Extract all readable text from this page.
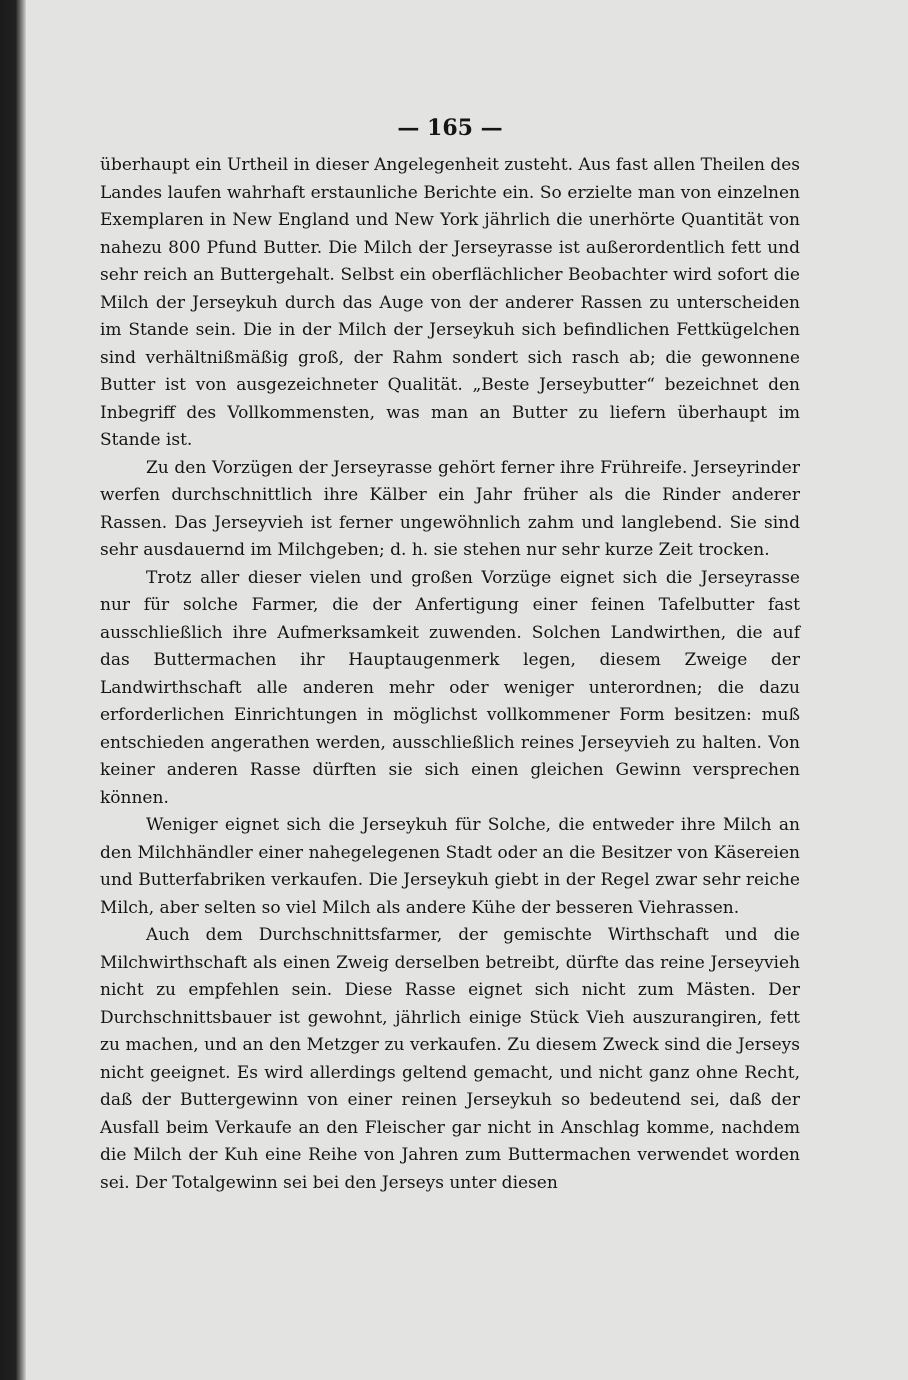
— 165 —

überhaupt ein Urtheil in dieser Angelegenheit zusteht. Aus fast allen Theilen des Landes laufen wahrhaft erstaunliche Berichte ein. So erzielte man von einzelnen Exemplaren in New England und New York jährlich die unerhörte Quantität von nahezu 800 Pfund Butter. Die Milch der Jerseyrasse ist außerordentlich fett und sehr reich an Buttergehalt. Selbst ein oberflächlicher Beobachter wird sofort die Milch der Jerseykuh durch das Auge von der anderer Rassen zu unterscheiden im Stande sein. Die in der Milch der Jerseykuh sich befindlichen Fettkügelchen sind verhältnißmäßig groß, der Rahm sondert sich rasch ab; die gewonnene Butter ist von ausgezeichneter Qualität. „Beste Jerseybutter“ bezeichnet den Inbegriff des Vollkommensten, was man an Butter zu liefern überhaupt im Stande ist.

Zu den Vorzügen der Jerseyrasse gehört ferner ihre Frühreife. Jerseyrinder werfen durchschnittlich ihre Kälber ein Jahr früher als die Rinder anderer Rassen. Das Jerseyvieh ist ferner ungewöhnlich zahm und langlebend. Sie sind sehr ausdauernd im Milchgeben; d. h. sie stehen nur sehr kurze Zeit trocken.

Trotz aller dieser vielen und großen Vorzüge eignet sich die Jerseyrasse nur für solche Farmer, die der Anfertigung einer feinen Tafelbutter fast ausschließlich ihre Aufmerksamkeit zuwenden. Solchen Landwirthen, die auf das Buttermachen ihr Hauptaugenmerk legen, diesem Zweige der Landwirthschaft alle anderen mehr oder weniger unterordnen; die dazu erforderlichen Einrichtungen in möglichst vollkommener Form besitzen: muß entschieden angerathen werden, ausschließlich reines Jerseyvieh zu halten. Von keiner anderen Rasse dürften sie sich einen gleichen Gewinn versprechen können.

Weniger eignet sich die Jerseykuh für Solche, die entweder ihre Milch an den Milchhändler einer nahegelegenen Stadt oder an die Besitzer von Käsereien und Butterfabriken verkaufen. Die Jerseykuh giebt in der Regel zwar sehr reiche Milch, aber selten so viel Milch als andere Kühe der besseren Viehrassen.

Auch dem Durchschnittsfarmer, der gemischte Wirthschaft und die Milchwirthschaft als einen Zweig derselben betreibt, dürfte das reine Jerseyvieh nicht zu empfehlen sein. Diese Rasse eignet sich nicht zum Mästen. Der Durchschnittsbauer ist gewohnt, jährlich einige Stück Vieh auszurangiren, fett zu machen, und an den Metzger zu verkaufen. Zu diesem Zweck sind die Jerseys nicht geeignet. Es wird allerdings geltend gemacht, und nicht ganz ohne Recht, daß der Buttergewinn von einer reinen Jerseykuh so bedeutend sei, daß der Ausfall beim Verkaufe an den Fleischer gar nicht in Anschlag komme, nachdem die Milch der Kuh eine Reihe von Jahren zum Buttermachen verwendet worden sei. Der Totalgewinn sei bei den Jerseys unter diesen
